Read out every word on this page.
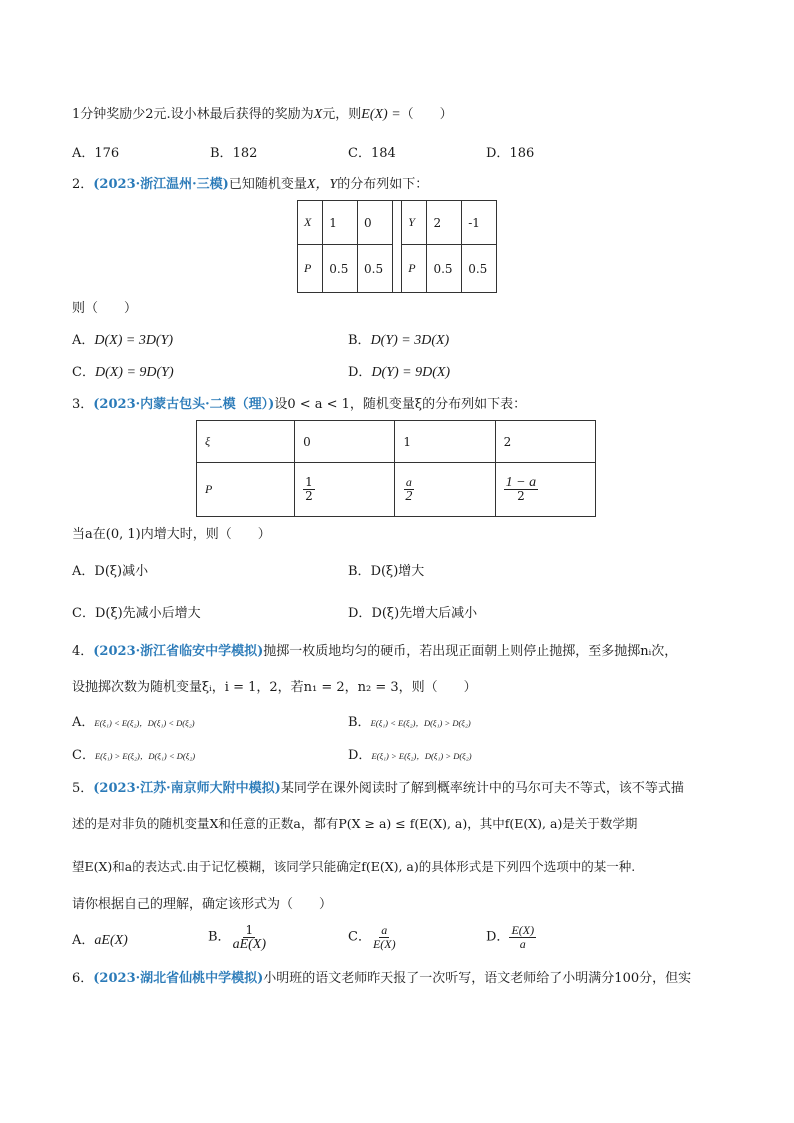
1分钟奖励少2元.设小林最后获得的奖励为X元，则E(X) =（　　）
A．176	B．182	C．184	D．186
2．(2023·浙江温州·三模)已知随机变量X，Y的分布列如下：
X	1	0		Y	2	-1
P	0.5	0.5		P	0.5	0.5
则（　　）
A．D(X) = 3D(Y)	B．D(Y) = 3D(X)
C．D(X) = 9D(Y)	D．D(Y) = 9D(X)
3．(2023·内蒙古包头·二模（理）)设0 < a < 1，随机变量ξ的分布列如下表：
ξ	0	1	2
P	$\frac{1}{2}$	$\frac{a}{2}$	$\frac{1 - a}{2}$
当a在(0, 1)内增大时，则（　　）
A．D(ξ)减小	B．D(ξ)增大
C．D(ξ)先减小后增大	D．D(ξ)先增大后减小
4．(2023·浙江省临安中学模拟)抛掷一枚质地均匀的硬币，若出现正面朝上则停止抛掷，至多抛掷nᵢ次，
设抛掷次数为随机变量ξᵢ，i = 1，2，若n₁ = 2，n₂ = 3，则（　　）
A．E(ξ₁) < E(ξ₂)，D(ξ₁) < D(ξ₂)	B．E(ξ₁) < E(ξ₂)，D(ξ₁) > D(ξ₂)
C．E(ξ₁) > E(ξ₂)，D(ξ₁) < D(ξ₂)	D．E(ξ₁) > E(ξ₂)，D(ξ₁) > D(ξ₂)
5．(2023·江苏·南京师大附中模拟)某同学在课外阅读时了解到概率统计中的马尔可夫不等式，该不等式描
述的是对非负的随机变量X和任意的正数a，都有P(X ≥ a) ≤ f(E(X), a)，其中f(E(X), a)是关于数学期
望E(X)和a的表达式.由于记忆模糊，该同学只能确定f(E(X), a)的具体形式是下列四个选项中的某一种.
请你根据自己的理解，确定该形式为（　　）
A．aE(X)	B． $\frac{1}{aE(X)}$	C． $\frac{a}{E(X)}$	D． $\frac{E(X)}{a}$
6．(2023·湖北省仙桃中学模拟)小明班的语文老师昨天报了一次听写，语文老师给了小明满分100分，但实
